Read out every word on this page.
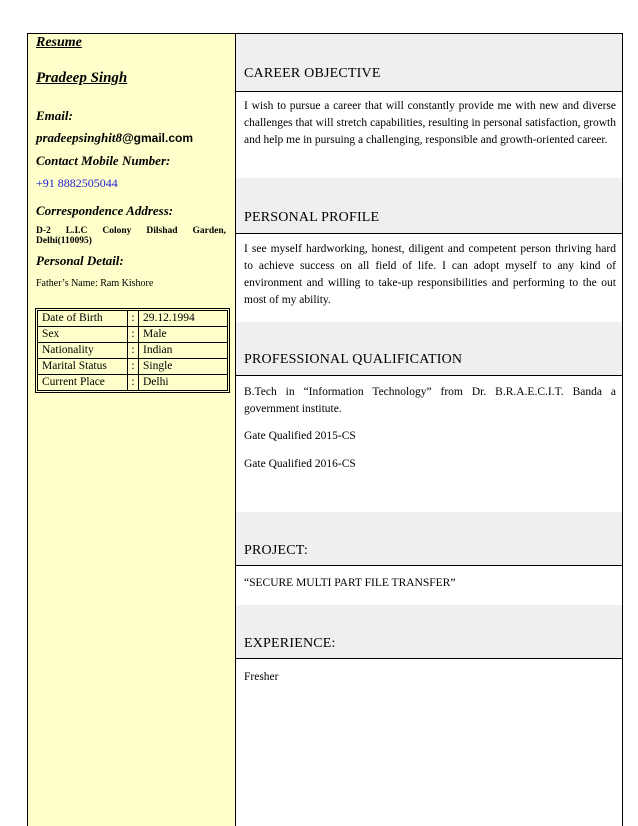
Resume
Pradeep Singh
Email:
pradeepsinghit8@gmail.com
Contact Mobile Number:
+91 8882505044
Correspondence Address:
D-2 L.I.C Colony Dilshad Garden,
Delhi(110095)
Personal Detail:
Father’s Name: Ram Kishore
Date of Birth	:	29.12.1994
Sex	:	Male
Nationality	:	Indian
Marital Status	:	Single
Current Place	:	Delhi
CAREER OBJECTIVE
I wish to pursue a career that will constantly provide me with new and diverse challenges that will stretch capabilities, resulting in personal satisfaction, growth and help me in pursuing a challenging, responsible and growth-oriented career.
PERSONAL PROFILE
I see myself hardworking, honest, diligent and competent person thriving hard to achieve success on all field of life. I can adopt myself to any kind of environment and willing to take-up responsibilities and performing to the out most of my ability.
PROFESSIONAL QUALIFICATION
B.Tech in “Information Technology” from Dr. B.R.A.E.C.I.T. Banda a government institute.
Gate Qualified 2015-CS
Gate Qualified 2016-CS
PROJECT:
“SECURE MULTI PART FILE TRANSFER”
EXPERIENCE:
Fresher
